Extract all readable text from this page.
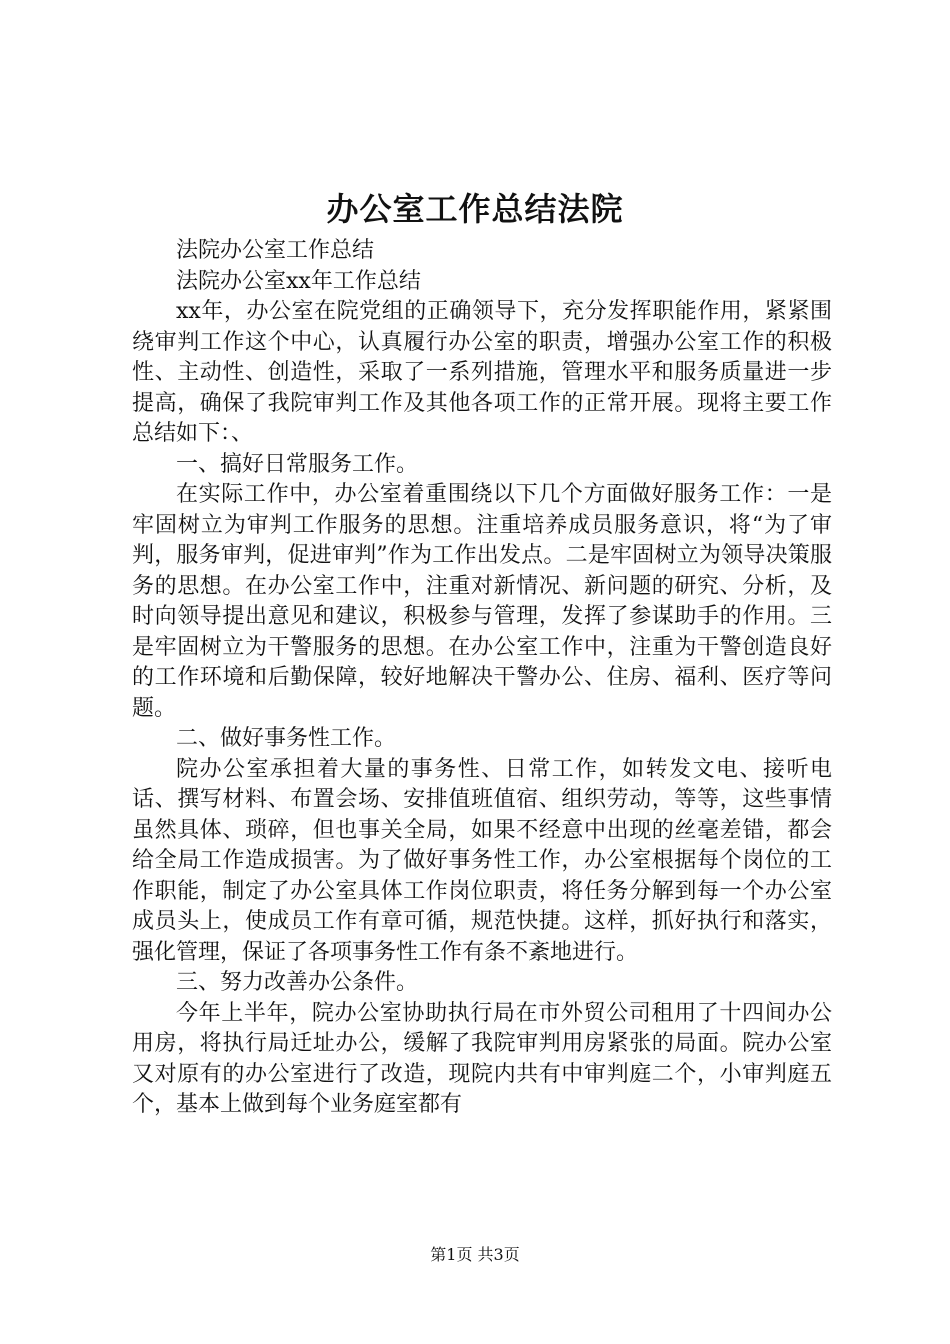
办公室工作总结法院

法院办公室工作总结

法院办公室xx年工作总结

xx年，办公室在院党组的正确领导下，充分发挥职能作用，紧紧围绕审判工作这个中心，认真履行办公室的职责，增强办公室工作的积极性、主动性、创造性，采取了一系列措施，管理水平和服务质量进一步提高，确保了我院审判工作及其他各项工作的正常开展。现将主要工作总结如下：、

一、搞好日常服务工作。

在实际工作中，办公室着重围绕以下几个方面做好服务工作：一是牢固树立为审判工作服务的思想。注重培养成员服务意识，将“为了审判，服务审判，促进审判”作为工作出发点。二是牢固树立为领导决策服务的思想。在办公室工作中，注重对新情况、新问题的研究、分析，及时向领导提出意见和建议，积极参与管理，发挥了参谋助手的作用。三是牢固树立为干警服务的思想。在办公室工作中，注重为干警创造良好的工作环境和后勤保障，较好地解决干警办公、住房、福利、医疗等问题。

二、做好事务性工作。

院办公室承担着大量的事务性、日常工作，如转发文电、接听电话、撰写材料、布置会场、安排值班值宿、组织劳动，等等，这些事情虽然具体、琐碎，但也事关全局，如果不经意中出现的丝毫差错，都会给全局工作造成损害。为了做好事务性工作，办公室根据每个岗位的工作职能，制定了办公室具体工作岗位职责，将任务分解到每一个办公室成员头上，使成员工作有章可循，规范快捷。这样，抓好执行和落实，强化管理，保证了各项事务性工作有条不紊地进行。

三、努力改善办公条件。

今年上半年，院办公室协助执行局在市外贸公司租用了十四间办公用房，将执行局迁址办公，缓解了我院审判用房紧张的局面。院办公室又对原有的办公室进行了改造，现院内共有中审判庭二个，小审判庭五个，基本上做到每个业务庭室都有

第1页 共3页
